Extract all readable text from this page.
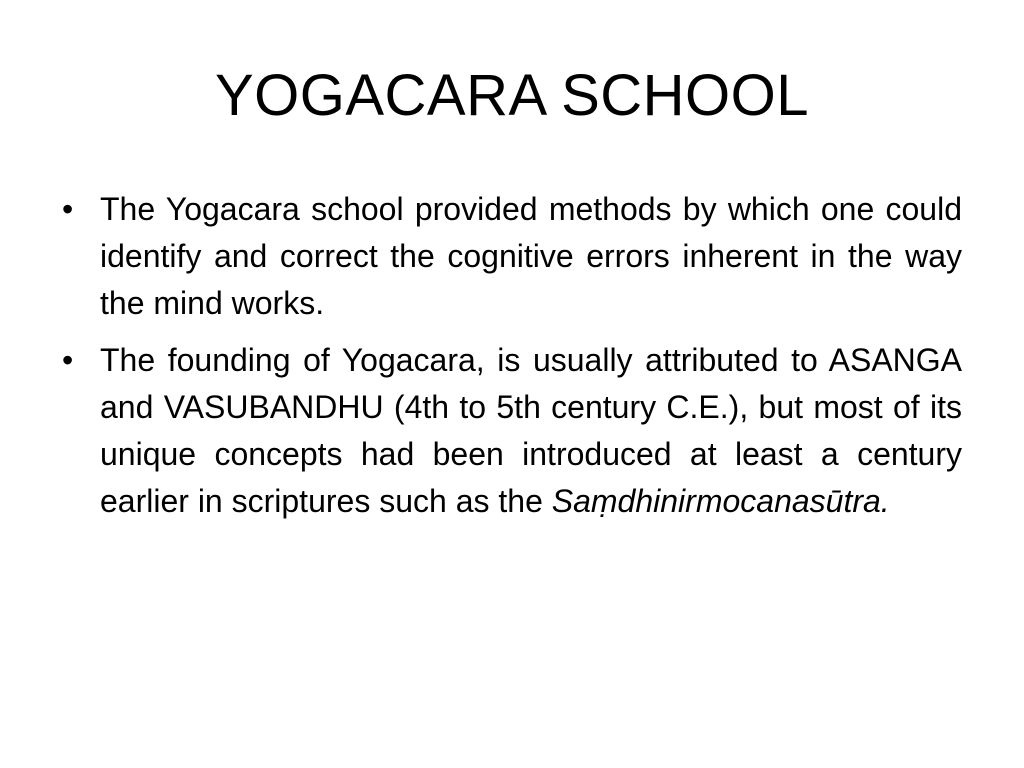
YOGACARA SCHOOL
• The Yogacara school provided methods by which one could identify and correct the cognitive errors inherent in the way the mind works.
• The founding of Yogacara, is usually attributed to ASANGA and VASUBANDHU (4th to 5th century C.E.), but most of its unique concepts had been introduced at least a century earlier in scriptures such as the Saṃdhinirmocanasūtra.
